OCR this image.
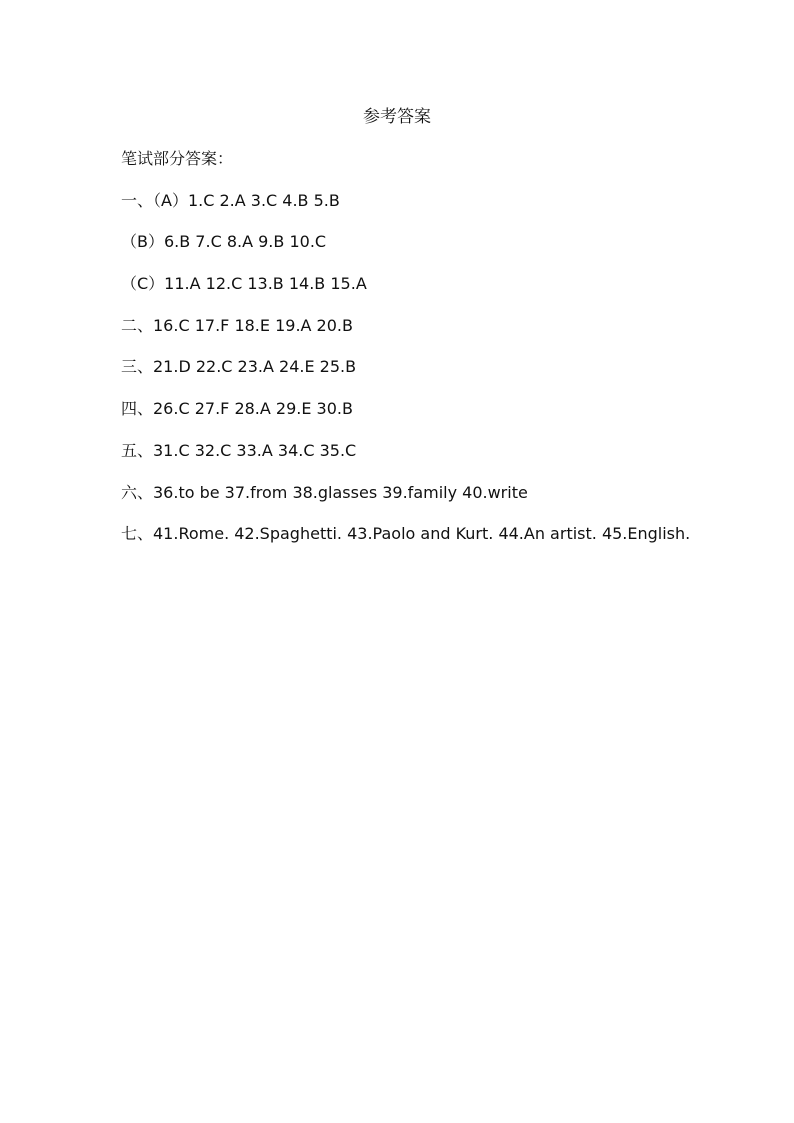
参考答案
笔试部分答案：
一、（A）1.C 2.A 3.C 4.B 5.B
（B）6.B 7.C 8.A 9.B 10.C
（C）11.A 12.C 13.B 14.B 15.A
二、16.C 17.F 18.E 19.A 20.B
三、21.D 22.C 23.A 24.E 25.B
四、26.C 27.F 28.A 29.E 30.B
五、31.C 32.C 33.A 34.C 35.C
六、36.to be 37.from 38.glasses 39.family 40.write
七、41.Rome. 42.Spaghetti. 43.Paolo and Kurt. 44.An artist. 45.English.
